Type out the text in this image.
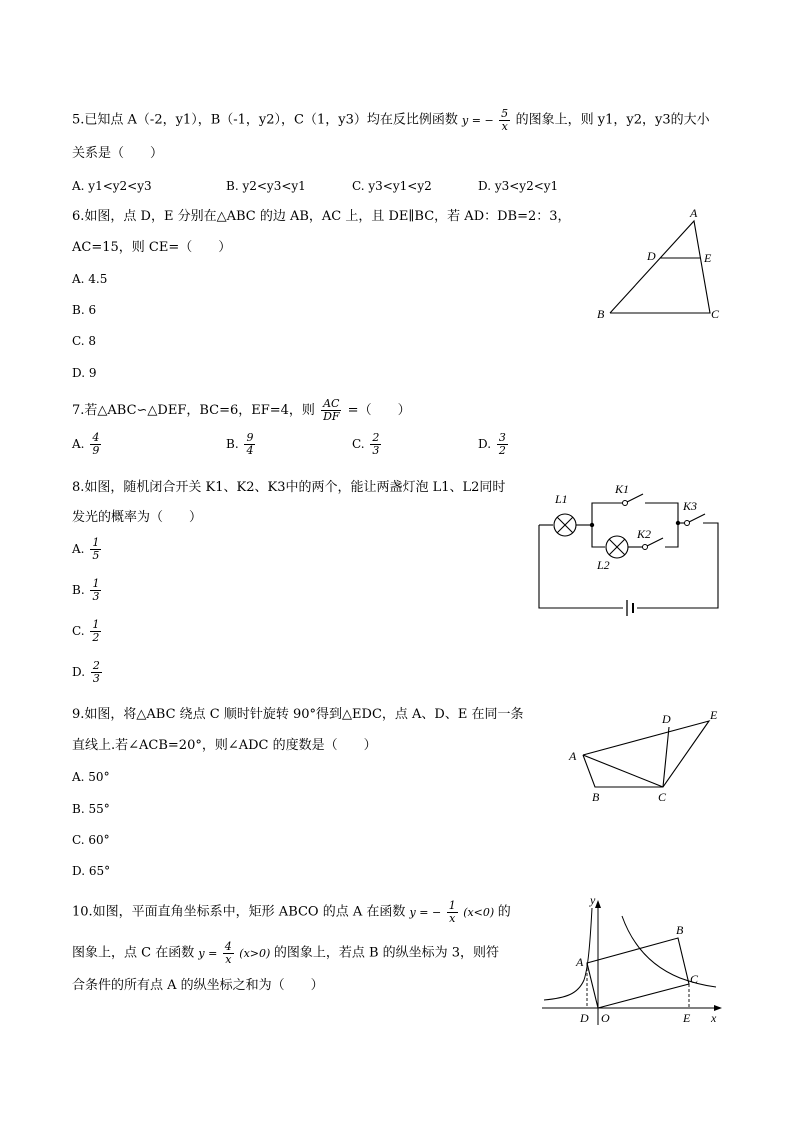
5.已知点 A（-2，y1），B（-1，y2），C（1，y3）均在反比例函数 y = − $\frac{5}{x}$ 的图象上，则 y1，y2，y3的大小
关系是（　　）
A. y1<y2<y3	B. y2<y3<y1	C. y3<y1<y2	D. y3<y2<y1
6.如图，点 D，E 分别在△ABC 的边 AB，AC 上，且 DE∥BC，若 AD：DB=2：3，
AC=15，则 CE=（　　）
A. 4.5
B. 6
C. 8
D. 9
A
B	C
D	E
7.若△ABC∽△DEF，BC=6，EF=4，则 $\frac{AC}{DF}$ =（　　）
A. $\frac{4}{9}$	B. $\frac{9}{4}$	C. $\frac{2}{3}$	D. $\frac{3}{2}$
8.如图，随机闭合开关 K1、K2、K3中的两个，能让两盏灯泡 L1、L2同时
发光的概率为（　　）
A. $\frac{1}{5}$
B. $\frac{1}{3}$
C. $\frac{1}{2}$
D. $\frac{2}{3}$
L1
K1
K3
K2
L2
9.如图，将△ABC 绕点 C 顺时针旋转 90°得到△EDC，点 A、D、E 在同一条
直线上.若∠ACB=20°，则∠ADC 的度数是（　　）
A. 50°
B. 55°
C. 60°
D. 65°
A
B	C
D	E
10.如图，平面直角坐标系中，矩形 ABCO 的点 A 在函数 y = − $\frac{1}{x} (x<0)$ 的
图象上，点 C 在函数 $y = \frac{4}{x} (x>0)$ 的图象上，若点 B 的纵坐标为 3，则符
合条件的所有点 A 的纵坐标之和为（　　）
y
x
A
B
C
D O	E
